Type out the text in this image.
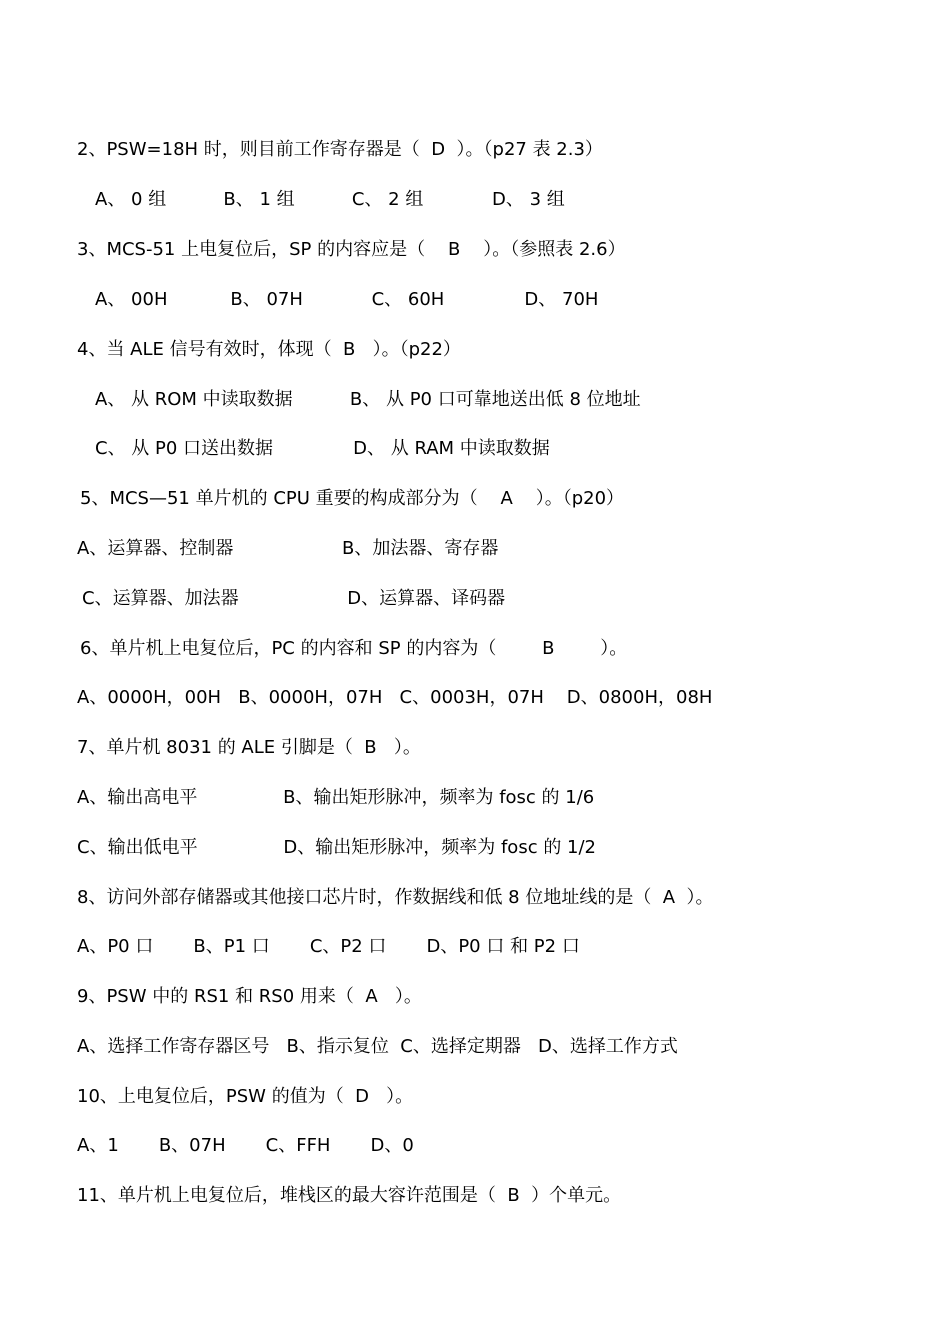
2、PSW=18H 时，则目前工作寄存器是（  D  ）。（p27 表 2.3）
A、 0 组          B、 1 组          C、 2 组            D、 3 组
3、MCS-51 上电复位后，SP 的内容应是（    B    ）。（参照表 2.6）
A、 00H           B、 07H            C、 60H              D、 70H
4、当 ALE 信号有效时，体现（  B   ）。（p22）
A、 从 ROM 中读取数据          B、 从 P0 口可靠地送出低 8 位地址
C、 从 P0 口送出数据              D、 从 RAM 中读取数据
5、MCS—51 单片机的 CPU 重要的构成部分为（    A    ）。（p20）
A、运算器、控制器                   B、加法器、寄存器
C、运算器、加法器                   D、运算器、译码器
6、单片机上电复位后，PC 的内容和 SP 的内容为（        B        ）。
A、0000H，00H   B、0000H，07H   C、0003H，07H    D、0800H，08H
7、单片机 8031 的 ALE 引脚是（  B   ）。
A、输出高电平               B、输出矩形脉冲，频率为 fosc 的 1/6
C、输出低电平               D、输出矩形脉冲，频率为 fosc 的 1/2
8、访问外部存储器或其他接口芯片时，作数据线和低 8 位地址线的是（  A  ）。
A、P0 口       B、P1 口       C、P2 口       D、P0 口 和 P2 口
9、PSW 中的 RS1 和 RS0 用来（  A   ）。
A、选择工作寄存器区号   B、指示复位  C、选择定期器   D、选择工作方式
10、上电复位后，PSW 的值为（  D   ）。
A、1       B、07H       C、FFH       D、0
11、单片机上电复位后，堆栈区的最大容许范围是（  B  ）个单元。
